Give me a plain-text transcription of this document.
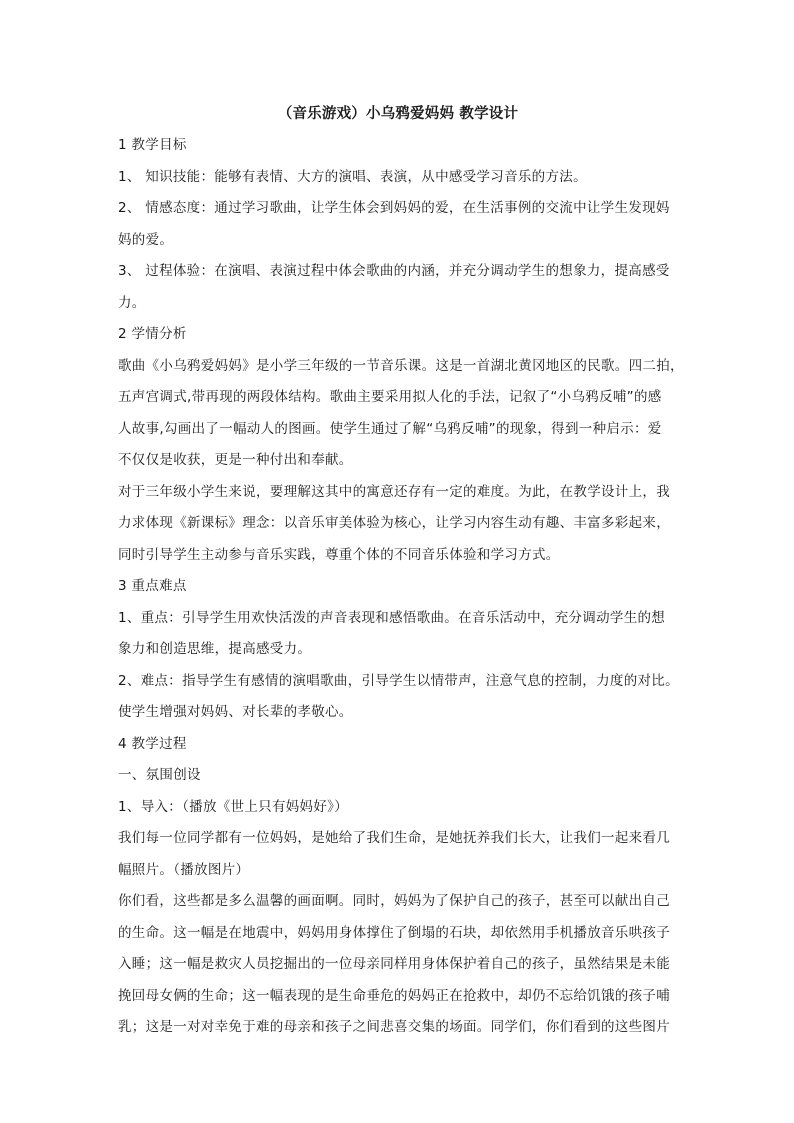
（音乐游戏）小乌鸦爱妈妈 教学设计

1 教学目标

1、 知识技能：能够有表情、大方的演唱、表演，从中感受学习音乐的方法。

2、 情感态度：通过学习歌曲，让学生体会到妈妈的爱，在生活事例的交流中让学生发现妈

妈的爱。

3、 过程体验：在演唱、表演过程中体会歌曲的内涵，并充分调动学生的想象力，提高感受

力。

2 学情分析

歌曲《小乌鸦爱妈妈》是小学三年级的一节音乐课。这是一首湖北黄冈地区的民歌。四二拍，

五声宫调式,带再现的两段体结构。歌曲主要采用拟人化的手法，记叙了“小乌鸦反哺”的感

人故事,勾画出了一幅动人的图画。使学生通过了解“乌鸦反哺”的现象，得到一种启示：爱

不仅仅是收获，更是一种付出和奉献。

对于三年级小学生来说，要理解这其中的寓意还存有一定的难度。为此，在教学设计上，我

力求体现《新课标》理念：以音乐审美体验为核心，让学习内容生动有趣、丰富多彩起来，

同时引导学生主动参与音乐实践，尊重个体的不同音乐体验和学习方式。

3 重点难点

1、重点：引导学生用欢快活泼的声音表现和感悟歌曲。在音乐活动中，充分调动学生的想

象力和创造思维，提高感受力。

2、难点：指导学生有感情的演唱歌曲，引导学生以情带声，注意气息的控制，力度的对比。

使学生增强对妈妈、对长辈的孝敬心。

4 教学过程

一、氛围创设

1、导入：（播放《世上只有妈妈好》）

我们每一位同学都有一位妈妈，是她给了我们生命，是她抚养我们长大，让我们一起来看几

幅照片。（播放图片）

你们看，这些都是多么温馨的画面啊。同时，妈妈为了保护自己的孩子，甚至可以献出自己

的生命。这一幅是在地震中，妈妈用身体撑住了倒塌的石块，却依然用手机播放音乐哄孩子

入睡；这一幅是救灾人员挖掘出的一位母亲同样用身体保护着自己的孩子，虽然结果是未能

挽回母女俩的生命；这一幅表现的是生命垂危的妈妈正在抢救中，却仍不忘给饥饿的孩子哺

乳；这是一对对幸免于难的母亲和孩子之间悲喜交集的场面。同学们，你们看到的这些图片
